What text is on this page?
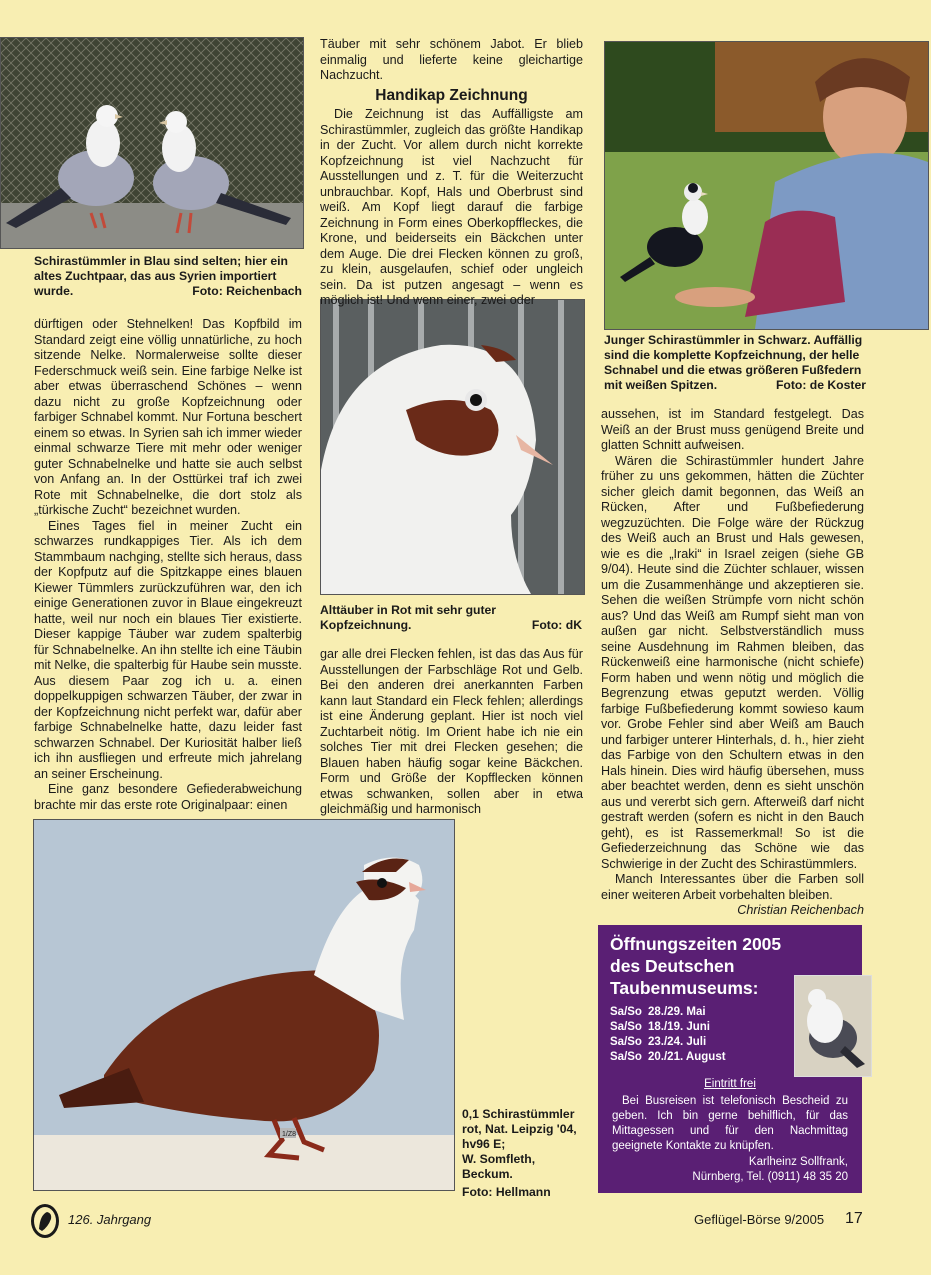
Schirastümmler in Blau sind selten; hier ein altes Zuchtpaar, das aus Syrien importiert wurde.	Foto: Reichenbach
Junger Schirastümmler in Schwarz. Auffällig sind die komplette Kopfzeichnung, der helle Schnabel und die etwas größeren Fußfedern mit weißen Spitzen.	Foto: de Koster
Alttäuber in Rot mit sehr guter Kopfzeichnung.	Foto: dK
1/Z8
0,1 Schirastümmler
rot, Nat. Leipzig '04,
hv96 E;
W. Somfleth,
Beckum.
Foto: Hellmann

dürftigen oder Stehnelken! Das Kopfbild im Standard zeigt eine völlig unnatürliche, zu hoch sitzende Nelke. Normalerweise sollte dieser Federschmuck weiß sein. Eine farbige Nelke ist aber etwas überraschend Schönes – wenn dazu nicht zu große Kopfzeichnung oder farbiger Schnabel kommt. Nur Fortuna beschert einem so etwas. In Syrien sah ich immer wieder einmal schwarze Tiere mit mehr oder weniger guter Schnabelnelke und hatte sie auch selbst von Anfang an. In der Osttürkei traf ich zwei Rote mit Schnabelnelke, die dort stolz als „türkische Zucht“ bezeichnet wurden.

Eines Tages fiel in meiner Zucht ein schwarzes rundkappiges Tier. Als ich dem Stammbaum nachging, stellte sich heraus, dass der Kopfputz auf die Spitzkappe eines blauen Kiewer Tümmlers zurückzuführen war, den ich einige Generationen zuvor in Blaue eingekreuzt hatte, weil nur noch ein blaues Tier existierte. Dieser kappige Täuber war zudem spalterbig für Schnabelnelke. An ihn stellte ich eine Täubin mit Nelke, die spalterbig für Haube sein musste. Aus diesem Paar zog ich u. a. einen doppelkuppigen schwarzen Täuber, der zwar in der Kopfzeichnung nicht perfekt war, dafür aber farbige Schnabelnelke hatte, dazu leider fast schwarzen Schnabel. Der Kuriosität halber ließ ich ihn ausfliegen und erfreute mich jahrelang an seiner Erscheinung.

Eine ganz besondere Gefiederabweichung brachte mir das erste rote Originalpaar: einen

Täuber mit sehr schönem Jabot. Er blieb einmalig und lieferte keine gleichartige Nachzucht.

Handikap Zeichnung

Die Zeichnung ist das Auffälligste am Schirastümmler, zugleich das größte Handikap in der Zucht. Vor allem durch nicht korrekte Kopfzeichnung ist viel Nachzucht für Ausstellungen und z. T. für die Weiterzucht unbrauchbar. Kopf, Hals und Oberbrust sind weiß. Am Kopf liegt darauf die farbige Zeichnung in Form eines Oberkopffleckes, die Krone, und beiderseits ein Bäckchen unter dem Auge. Die drei Flecken können zu groß, zu klein, ausgelaufen, schief oder ungleich sein. Da ist putzen angesagt – wenn es möglich ist! Und wenn einer, zwei oder

gar alle drei Flecken fehlen, ist das das Aus für Ausstellungen der Farbschläge Rot und Gelb. Bei den anderen drei anerkannten Farben kann laut Standard ein Fleck fehlen; allerdings ist eine Änderung geplant. Hier ist noch viel Zuchtarbeit nötig. Im Orient habe ich nie ein solches Tier mit drei Flecken gesehen; die Blauen haben häufig sogar keine Bäckchen. Form und Größe der Kopfflecken können etwas schwanken, sollen aber in etwa gleichmäßig und harmonisch

aussehen, ist im Standard festgelegt. Das Weiß an der Brust muss genügend Breite und glatten Schnitt aufweisen.

Wären die Schirastümmler hundert Jahre früher zu uns gekommen, hätten die Züchter sicher gleich damit begonnen, das Weiß an Rücken, After und Fußbefiederung wegzuzüchten. Die Folge wäre der Rückzug des Weiß auch an Brust und Hals gewesen, wie es die „Iraki“ in Israel zeigen (siehe GB 9/04). Heute sind die Züchter schlauer, wissen um die Zusammenhänge und akzeptieren sie. Sehen die weißen Strümpfe vorn nicht schön aus? Und das Weiß am Rumpf sieht man von außen gar nicht. Selbstverständlich muss seine Ausdehnung im Rahmen bleiben, das Rückenweiß eine harmonische (nicht schiefe) Form haben und wenn nötig und möglich die Begrenzung etwas geputzt werden. Völlig farbige Fußbefiederung kommt sowieso kaum vor. Grobe Fehler sind aber Weiß am Bauch und farbiger unterer Hinterhals, d. h., hier zieht das Farbige von den Schultern etwas in den Hals hinein. Dies wird häufig übersehen, muss aber beachtet werden, denn es sieht unschön aus und vererbt sich gern. Afterweiß darf nicht gestraft werden (sofern es nicht in den Bauch geht), es ist Rassemerkmal! So ist die Gefiederzeichnung das Schöne wie das Schwierige in der Zucht des Schirastümmlers.

Manch Interessantes über die Farben soll einer weiteren Arbeit vorbehalten bleiben.

Christian Reichenbach
Öffnungszeiten 2005
des Deutschen
Taubenmuseums:
Sa/So 28./29. Mai
Sa/So 18./19. Juni
Sa/So 23./24. Juli
Sa/So 20./21. August
Eintritt frei

Bei Busreisen ist telefonisch Bescheid zu geben. Ich bin gerne behilflich, für das Mittagessen und für den Nachmittag geeignete Kontakte zu knüpfen.

Karlheinz Sollfrank,
Nürnberg, Tel. (0911) 48 35 20
126. Jahrgang	Geflügel-Börse 9/2005 17
